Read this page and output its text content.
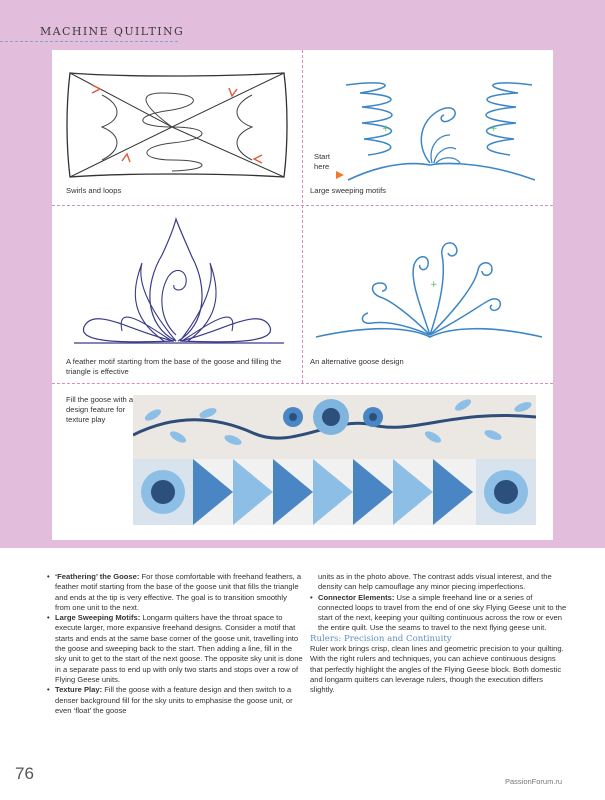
MACHINE QUILTING
Swirls and loops
+	+
Start here
Large sweeping motifs
A feather motif starting from the base of the goose and filling the triangle is effective
+
An alternative goose design
Fill the goose with a design feature for texture play

• ‘Feathering’ the Goose: For those comfortable with freehand feathers, a feather motif starting from the base of the goose unit that fills the triangle and ends at the tip is very effective. The goal is to transition smoothly from one unit to the next.

• Large Sweeping Motifs: Longarm quilters have the throat space to execute larger, more expansive freehand designs. Consider a motif that starts and ends at the same base corner of the goose unit, travelling into the goose and sweeping back to the start. Then adding a line, fill in the sky unit to get to the start of the next goose. The opposite sky unit is done in a separate pass to end up with only two starts and stops over a row of Flying Geese units.

• Texture Play: Fill the goose with a feature design and then switch to a denser background fill for the sky units to emphasise the goose unit, or even ‘float’ the goose

units as in the photo above. The contrast adds visual interest, and the density can help camouflage any minor piecing imperfections.

• Connector Elements: Use a simple freehand line or a series of connected loops to travel from the end of one sky Flying Geese unit to the start of the next, keeping your quilting continuous across the row or even the entire quilt. Use the seams to travel to the next flying geese unit.

Rulers: Precision and Continuity

Ruler work brings crisp, clean lines and geometric precision to your quilting. With the right rulers and techniques, you can achieve continuous designs that perfectly highlight the angles of the Flying Geese block. Both domestic and longarm quilters can leverage rulers, though the execution differs slightly.

76	PassionForum.ru
